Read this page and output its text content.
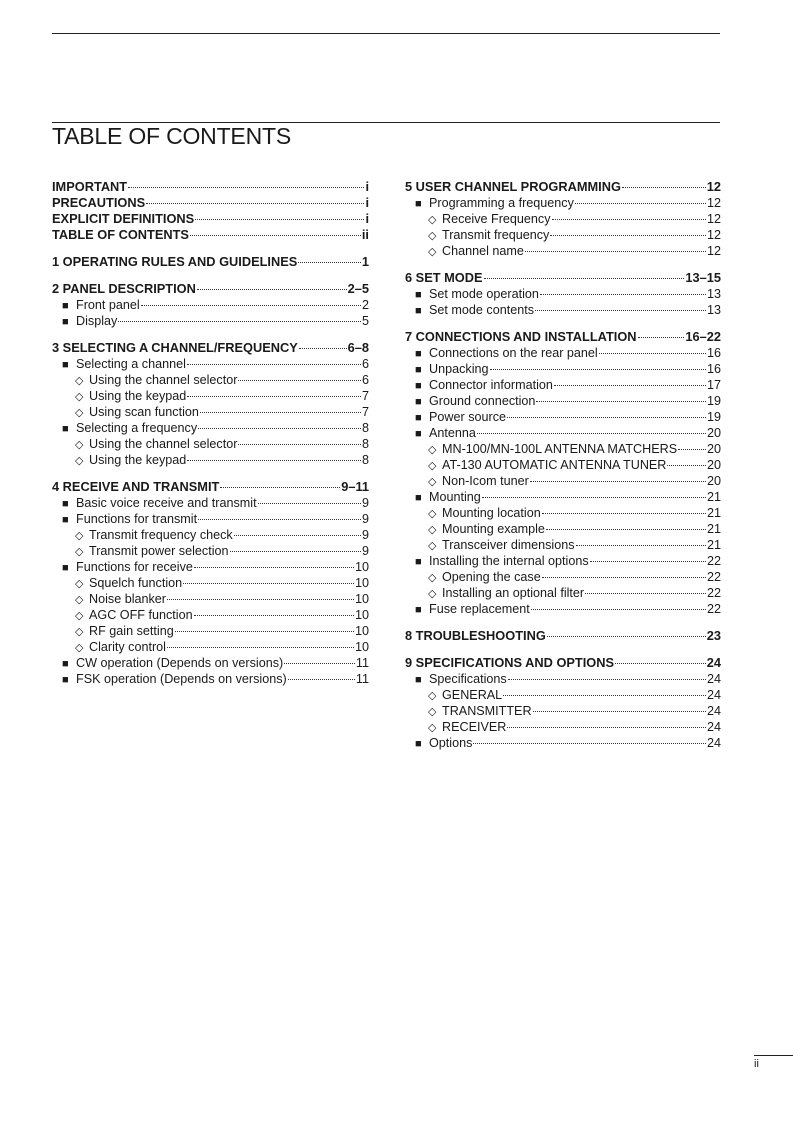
TABLE OF CONTENTS
IMPORTANT	i
PRECAUTIONS	i
EXPLICIT DEFINITIONS	i
TABLE OF CONTENTS	ii
1 OPERATING RULES AND GUIDELINES	1
2 PANEL DESCRIPTION	2–5
■
Front panel	2
■
Display	5
3 SELECTING A CHANNEL/FREQUENCY	6–8
■
Selecting a channel	6
◇
Using the channel selector	6
◇
Using the keypad	7
◇
Using scan function	7
■
Selecting a frequency	8
◇
Using the channel selector	8
◇
Using the keypad	8
4 RECEIVE AND TRANSMIT	9–11
■
Basic voice receive and transmit	9
■
Functions for transmit	9
◇
Transmit frequency check	9
◇
Transmit power selection	9
■
Functions for receive	10
◇
Squelch function	10
◇
Noise blanker	10
◇
AGC OFF function	10
◇
RF gain setting	10
◇
Clarity control	10
■
CW operation (Depends on versions)	11
■
FSK operation (Depends on versions)	11
5 USER CHANNEL PROGRAMMING	12
■
Programming a frequency	12
◇
Receive Frequency	12
◇
Transmit frequency	12
◇
Channel name	12
6 SET MODE	13–15
■
Set mode operation	13
■
Set mode contents	13
7 CONNECTIONS AND INSTALLATION	16–22
■
Connections on the rear panel	16
■
Unpacking	16
■
Connector information	17
■
Ground connection	19
■
Power source	19
■
Antenna	20
◇
MN-100/MN-100L ANTENNA MATCHERS 20
◇
AT-130 AUTOMATIC ANTENNA TUNER	20
◇
Non-Icom tuner	20
■
Mounting	21
◇
Mounting location	21
◇
Mounting example	21
◇
Transceiver dimensions	21
■
Installing the internal options	22
◇
Opening the case	22
◇
Installing an optional filter	22
■
Fuse replacement	22
8 TROUBLESHOOTING	23
9 SPECIFICATIONS AND OPTIONS	24
■
Specifications	24
◇
GENERAL	24
◇
TRANSMITTER	24
◇
RECEIVER	24
■
Options	24
ii
